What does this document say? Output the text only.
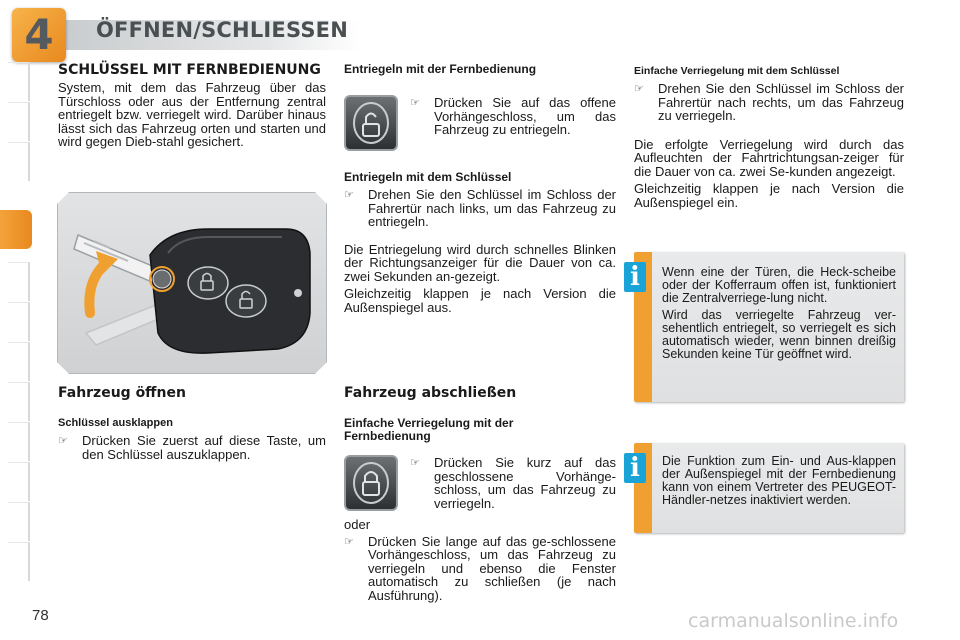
4 ÖFFNEN/SCHLIESSEN
SCHLÜSSEL MIT FERNBEDIENUNG
System, mit dem das Fahrzeug über das Türschloss oder aus der Entfernung zentral entriegelt bzw. verriegelt wird. Darüber hinaus lässt sich das Fahrzeug orten und starten und wird gegen Dieb-stahl gesichert.
Fahrzeug öffnen
Schlüssel ausklappen
☞	Drücken Sie zuerst auf diese Taste, um den Schlüssel auszuklappen.
Entriegeln mit der Fernbedienung
☞	Drücken Sie auf das offene Vorhängeschloss, um das Fahrzeug zu entriegeln.
Entriegeln mit dem Schlüssel
☞	Drehen Sie den Schlüssel im Schloss der Fahrertür nach links, um das Fahrzeug zu entriegeln.
Die Entriegelung wird durch schnelles Blinken der Richtungsanzeiger für die Dauer von ca. zwei Sekunden an-gezeigt.
Gleichzeitig klappen je nach Version die Außenspiegel aus.
Fahrzeug abschließen
Einfache Verriegelung mit der Fernbedienung
☞	Drücken Sie kurz auf das geschlossene Vorhänge-schloss, um das Fahrzeug zu verriegeln.
oder
☞	Drücken Sie lange auf das ge-schlossene Vorhängeschloss, um das Fahrzeug zu verriegeln und ebenso die Fenster automatisch zu schließen (je nach Ausführung).
Einfache Verriegelung mit dem Schlüssel
☞	Drehen Sie den Schlüssel im Schloss der Fahrertür nach rechts, um das Fahrzeug zu verriegeln.
Die erfolgte Verriegelung wird durch das Aufleuchten der Fahrtrichtungsan-zeiger für die Dauer von ca. zwei Se-kunden angezeigt.
Gleichzeitig klappen je nach Version die Außenspiegel ein.
i	Wenn eine der Türen, die Heck-scheibe oder der Kofferraum offen ist, funktioniert die Zentralverriege-lung nicht.
Wird das verriegelte Fahrzeug ver-sehentlich entriegelt, so verriegelt es sich automatisch wieder, wenn binnen dreißig Sekunden keine Tür geöffnet wird.
i	Die Funktion zum Ein- und Aus-klappen der Außenspiegel mit der Fernbedienung kann von einem Vertreter des PEUGEOT-Händler-netzes inaktiviert werden.
78	carmanualsonline.info
